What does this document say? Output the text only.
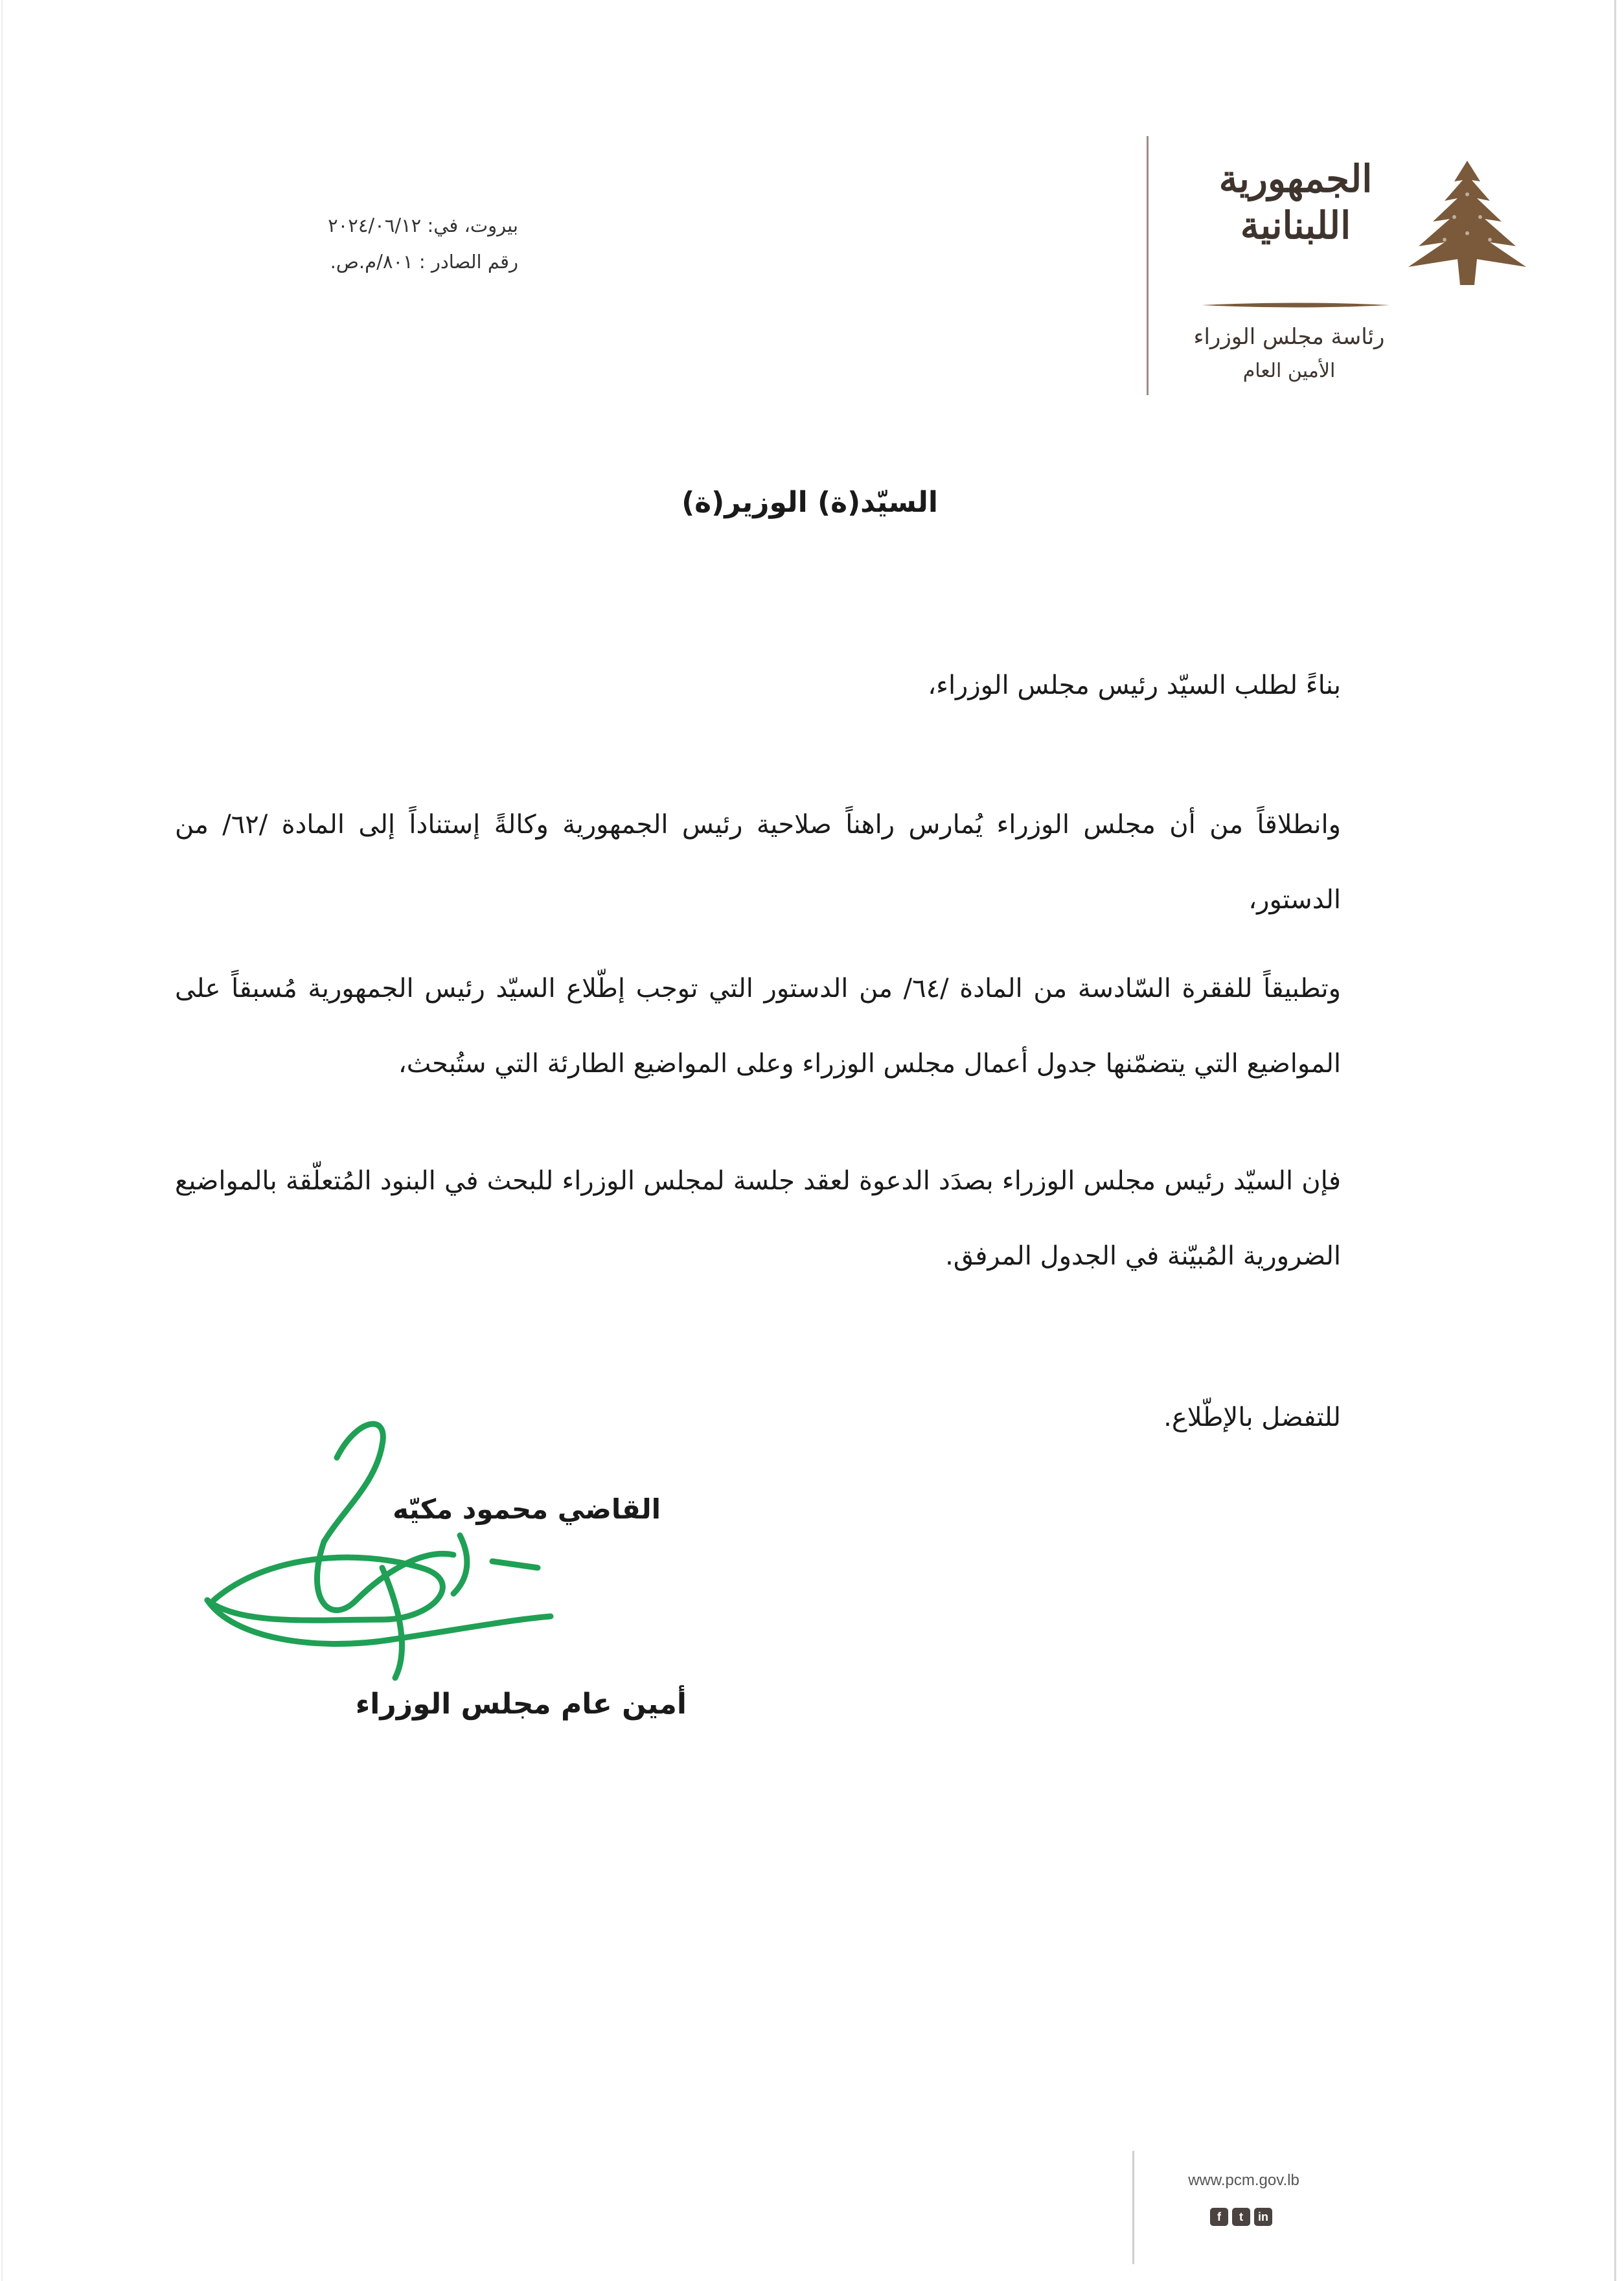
الجمهورية
اللبنانية
رئاسة مجلس الوزراء
الأمين العام
بيروت، في: ٢٠٢٤/٠٦/١٢
رقم الصادر : ٨٠١/م.ص.
السيّد(ة) الوزير(ة)
بناءً لطلب السيّد رئيس مجلس الوزراء،
وانطلاقاً من أن مجلس الوزراء يُمارس راهناً صلاحية رئيس الجمهورية وكالةً إستناداً إلى المادة /٦٢/ من الدستور،
وتطبيقاً للفقرة السّادسة من المادة /٦٤/ من الدستور التي توجب إطّلاع السيّد رئيس الجمهورية مُسبقاً على المواضيع التي يتضمّنها جدول أعمال مجلس الوزراء وعلى المواضيع الطارئة التي ستُبحث،
فإن السيّد رئيس مجلس الوزراء بصدَد الدعوة لعقد جلسة لمجلس الوزراء للبحث في البنود المُتعلّقة بالمواضيع الضرورية المُبيّنة في الجدول المرفق.
للتفضل بالإطّلاع.
القاضي محمود مكيّه
أمين عام مجلس الوزراء
www.pcm.gov.lb
f	t	in
